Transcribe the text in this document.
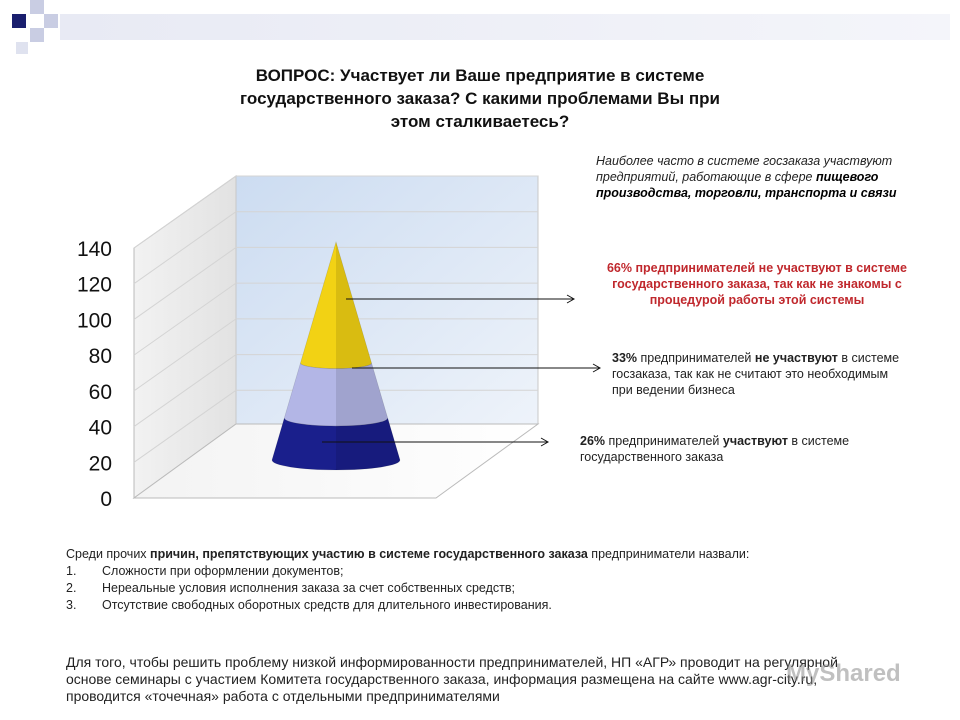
ВОПРОС: Участвует ли Ваше предприятие в системе
государственного заказа? С какими проблемами Вы при
этом сталкиваетесь?
0
20
40
60
80
100
120
140
Наиболее часто в системе госзаказа участвуют предприятий, работающие в сфере пищевого производства, торговли, транспорта и связи
66% предпринимателей не участвуют в системе государственного заказа, так как не знакомы с процедурой работы этой системы
33% предпринимателей не участвуют в системе госзаказа, так как не считают это необходимым при ведении бизнеса
26% предпринимателей участвуют в системе государственного заказа
Среди прочих причин, препятствующих участию в системе государственного заказа предприниматели назвали:
1.	Сложности при оформлении документов;
2.	Нереальные условия исполнения заказа за счет собственных средств;
3.	Отсутствие свободных оборотных средств для длительного инвестирования.
Для того, чтобы решить проблему низкой информированности предпринимателей, НП «АГР» проводит на регулярной основе семинары с участием Комитета государственного заказа, информация размещена на сайте www.agr-city.ru, проводится «точечная» работа с отдельными предпринимателями
MyShared
